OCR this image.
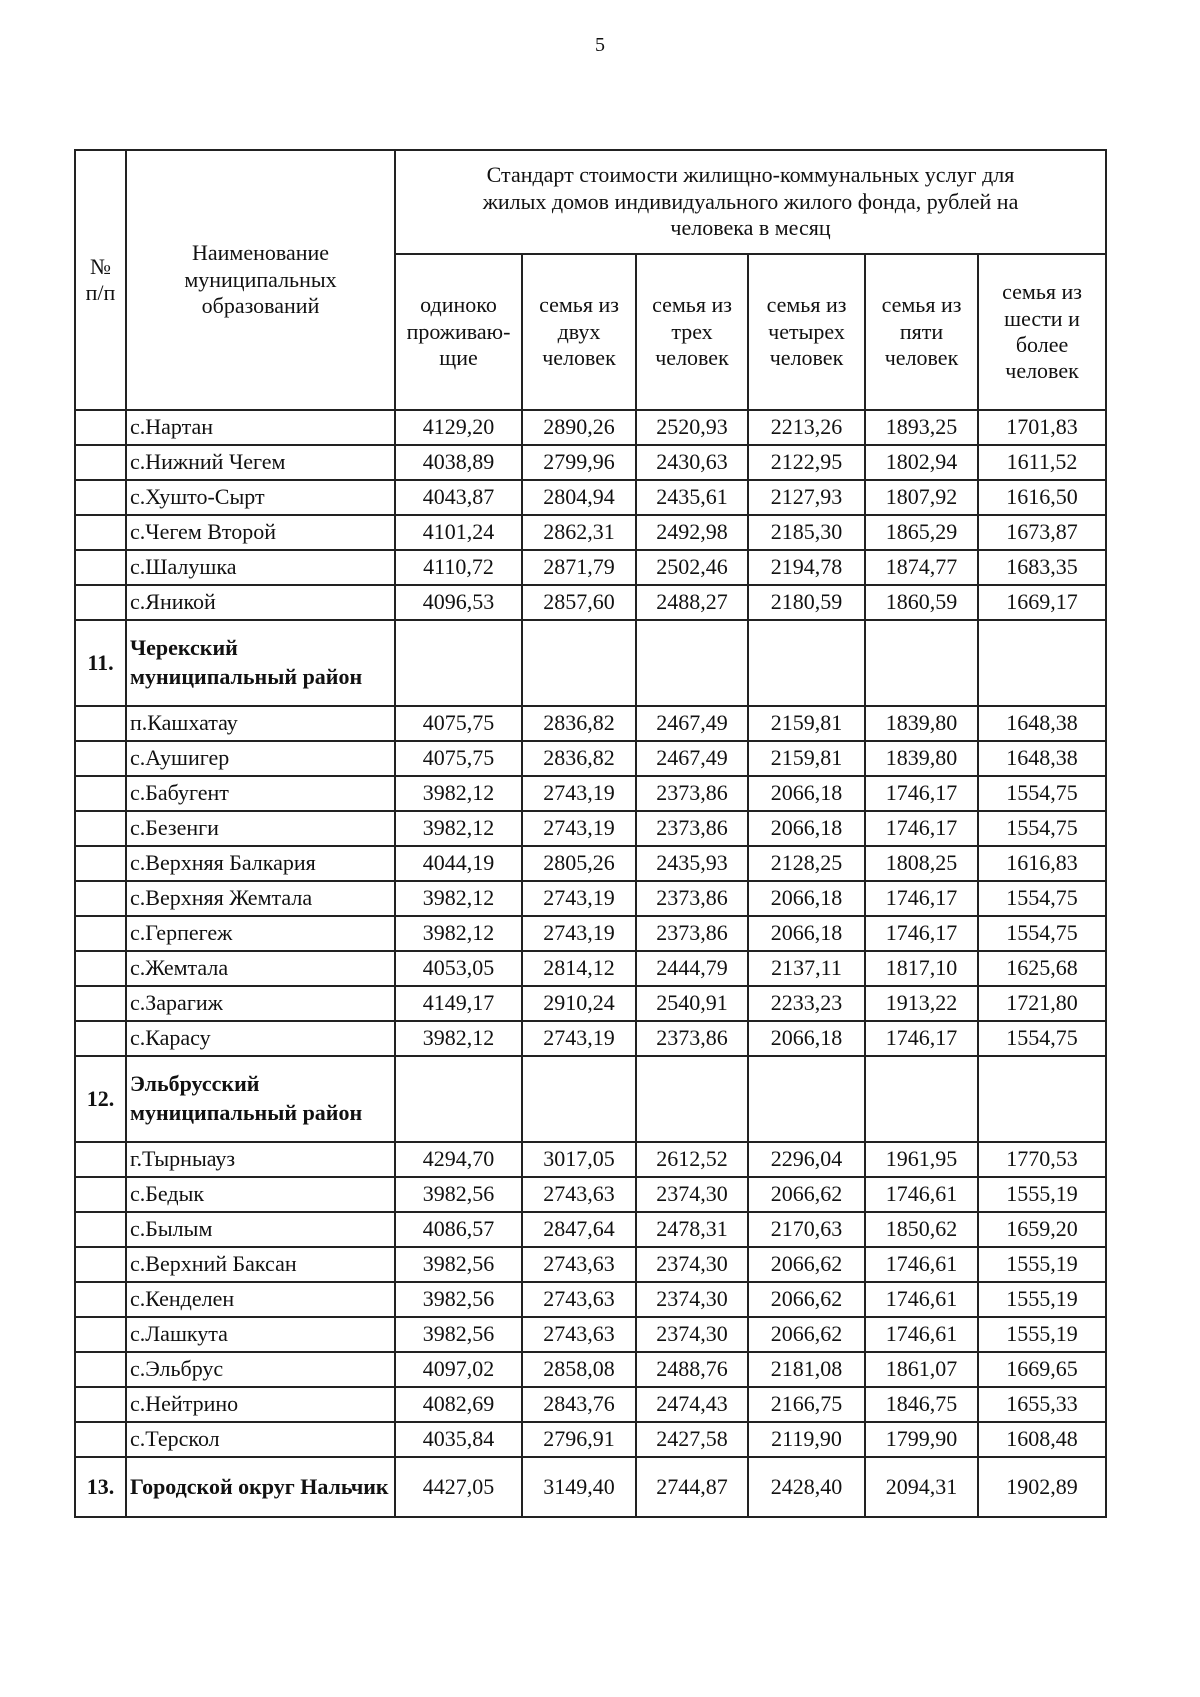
5
№ п/п	Наименование муниципальных образований	Стандарт стоимости жилищно-коммунальных услуг для жилых домов индивидуального жилого фонда, рублей на человека в месяц					
		одиноко проживаю-щие	семья из двух человек	семья из трех человек	семья из четырех человек	семья из пяти человек	семья из шести и более человек
	с.Нартан	4129,20	2890,26	2520,93	2213,26	1893,25	1701,83
	с.Нижний Чегем	4038,89	2799,96	2430,63	2122,95	1802,94	1611,52
	с.Хушто-Сырт	4043,87	2804,94	2435,61	2127,93	1807,92	1616,50
	с.Чегем Второй	4101,24	2862,31	2492,98	2185,30	1865,29	1673,87
	с.Шалушка	4110,72	2871,79	2502,46	2194,78	1874,77	1683,35
	с.Яникой	4096,53	2857,60	2488,27	2180,59	1860,59	1669,17
11.	Черекский муниципальный район						
	п.Кашхатау	4075,75	2836,82	2467,49	2159,81	1839,80	1648,38
	с.Аушигер	4075,75	2836,82	2467,49	2159,81	1839,80	1648,38
	с.Бабугент	3982,12	2743,19	2373,86	2066,18	1746,17	1554,75
	с.Безенги	3982,12	2743,19	2373,86	2066,18	1746,17	1554,75
	с.Верхняя Балкария	4044,19	2805,26	2435,93	2128,25	1808,25	1616,83
	с.Верхняя Жемтала	3982,12	2743,19	2373,86	2066,18	1746,17	1554,75
	с.Герпегеж	3982,12	2743,19	2373,86	2066,18	1746,17	1554,75
	с.Жемтала	4053,05	2814,12	2444,79	2137,11	1817,10	1625,68
	с.Зарагиж	4149,17	2910,24	2540,91	2233,23	1913,22	1721,80
	с.Карасу	3982,12	2743,19	2373,86	2066,18	1746,17	1554,75
12.	Эльбрусский муниципальный район						
	г.Тырныауз	4294,70	3017,05	2612,52	2296,04	1961,95	1770,53
	с.Бедык	3982,56	2743,63	2374,30	2066,62	1746,61	1555,19
	с.Былым	4086,57	2847,64	2478,31	2170,63	1850,62	1659,20
	с.Верхний Баксан	3982,56	2743,63	2374,30	2066,62	1746,61	1555,19
	с.Кенделен	3982,56	2743,63	2374,30	2066,62	1746,61	1555,19
	с.Лашкута	3982,56	2743,63	2374,30	2066,62	1746,61	1555,19
	с.Эльбрус	4097,02	2858,08	2488,76	2181,08	1861,07	1669,65
	с.Нейтрино	4082,69	2843,76	2474,43	2166,75	1846,75	1655,33
	с.Терскол	4035,84	2796,91	2427,58	2119,90	1799,90	1608,48
13.	Городской округ Нальчик	4427,05	3149,40	2744,87	2428,40	2094,31	1902,89
